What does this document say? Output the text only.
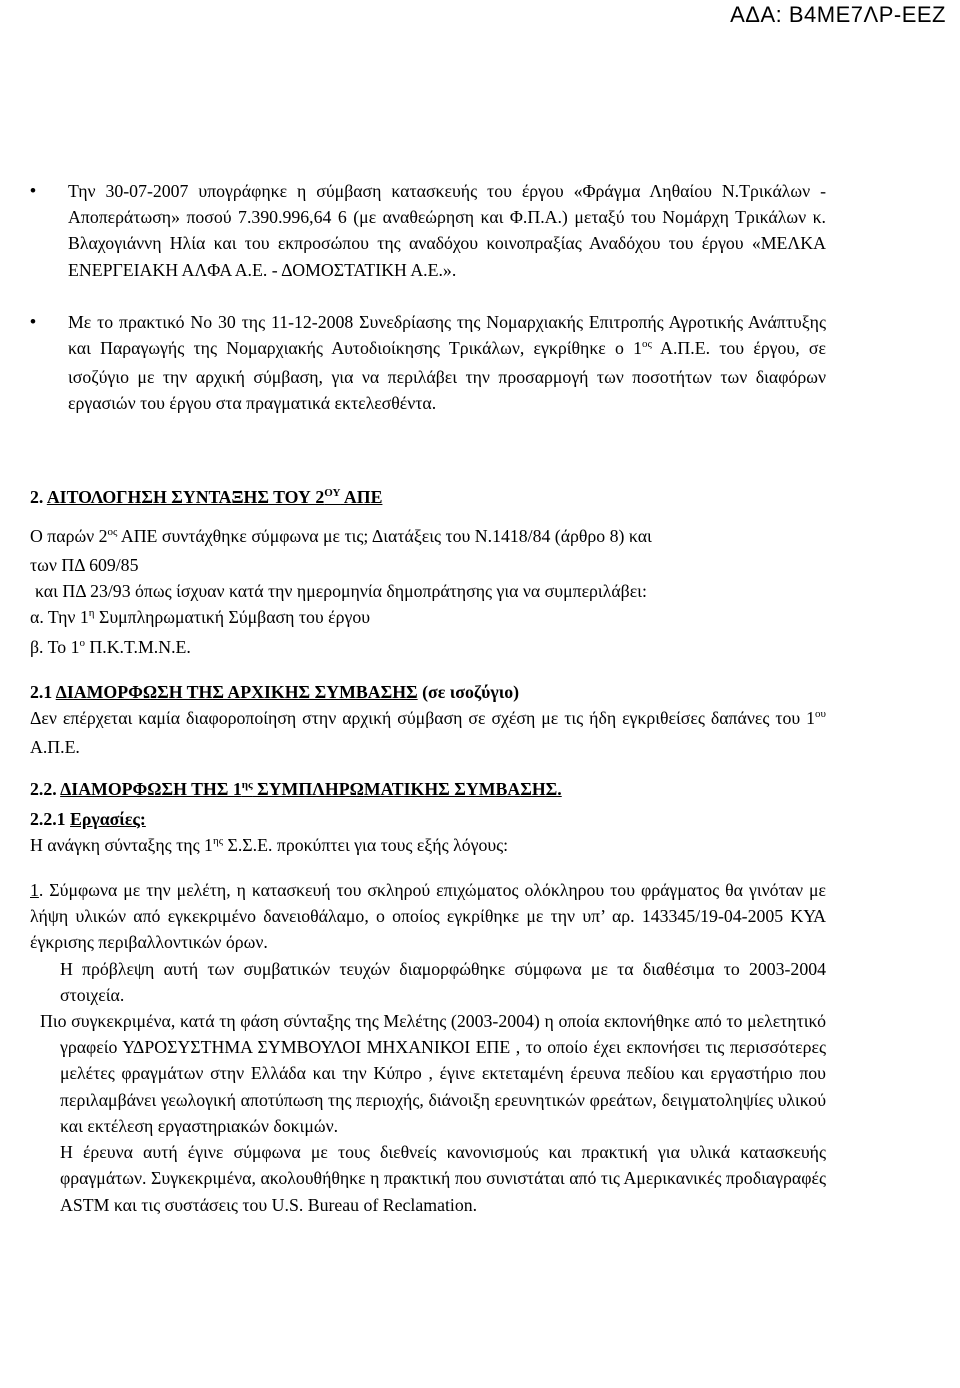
ΑΔΑ: Β4ΜΕ7ΛΡ-ΕΕΖ

• Την 30-07-2007 υπογράφηκε η σύμβαση κατασκευής του έργου «Φράγμα Ληθαίου Ν.Τρικάλων - Αποπεράτωση» ποσού 7.390.996,64 6 (με αναθεώρηση και Φ.Π.Α.) μεταξύ του Νομάρχη Τρικάλων κ. Βλαχογιάννη Ηλία και του εκπροσώπου της αναδόχου κοινοπραξίας Αναδόχου του έργου «ΜΕΛΚΑ ΕΝΕΡΓΕΙΑΚΗ ΑΛΦΑ Α.Ε. - ΔΟΜΟΣΤΑΤΙΚΗ Α.Ε.».

• Με το πρακτικό Νο 30 της 11-12-2008 Συνεδρίασης της Νομαρχιακής Επιτροπής Αγροτικής Ανάπτυξης και Παραγωγής της Νομαρχιακής Αυτοδιοίκησης Τρικάλων, εγκρίθηκε ο $1^{o\varsigma}$ Α.Π.Ε. του έργου, σε ισοζύγιο με την αρχική σύμβαση, για να περιλάβει την προσαρμογή των ποσοτήτων των διαφόρων εργασιών του έργου στα πραγματικά εκτελεσθέντα.

2. ΑΙΤΟΛΟΓΗΣΗ ΣΥΝΤΑΞΗΣ ΤΟΥ $2^{O\Upsilon}$ ΑΠΕ

Ο παρών $2^{o\varsigma}$ ΑΠΕ συντάχθηκε σύμφωνα με τις; Διατάξεις του Ν.1418/84 (άρθρο 8) και

των ΠΔ 609/85

και ΠΔ 23/93 όπως ίσχυαν κατά την ημερομηνία δημοπράτησης για να συμπεριλάβει:

α. Την $1^\eta$ Συμπληρωματική Σύμβαση του έργου

β. Το $1^o$ Π.Κ.Τ.Μ.Ν.Ε.

2.1 ΔΙΑΜΟΡΦΩΣΗ ΤΗΣ ΑΡΧΙΚΗΣ ΣΥΜΒΑΣΗΣ (σε ισοζύγιο)

Δεν επέρχεται καμία διαφοροποίηση στην αρχική σύμβαση σε σχέση με τις ήδη εγκριθείσες δαπάνες του $1^{o\upsilon}$ Α.Π.Ε.

2.2. ΔΙΑΜΟΡΦΩΣΗ ΤΗΣ $1^{\eta\varsigma}$ ΣΥΜΠΛΗΡΩΜΑΤΙΚΗΣ ΣΥΜΒΑΣΗΣ.

2.2.1 Εργασίες:

Η ανάγκη σύνταξης της $1^{\eta\varsigma}$ Σ.Σ.Ε. προκύπτει για τους εξής λόγους:

1. Σύμφωνα με την μελέτη, η κατασκευή του σκληρού επιχώματος ολόκληρου του φράγματος θα γινόταν με λήψη υλικών από εγκεκριμένο δανειοθάλαμο, ο οποίος εγκρίθηκε με την υπ’ αρ. 143345/19-04-2005 ΚΥΑ έγκρισης περιβαλλοντικών όρων.

Η πρόβλεψη αυτή των συμβατικών τευχών διαμορφώθηκε σύμφωνα με τα διαθέσιμα το 2003-2004 στοιχεία.

Πιο συγκεκριμένα, κατά τη φάση σύνταξης της Μελέτης (2003-2004) η οποία εκπονήθηκε από το μελετητικό γραφείο ΥΔΡΟΣΥΣΤΗΜΑ ΣΥΜΒΟΥΛΟΙ ΜΗΧΑΝΙΚΟΙ ΕΠΕ , το οποίο έχει εκπονήσει τις περισσότερες μελέτες φραγμάτων στην Ελλάδα και την Κύπρο , έγινε εκτεταμένη έρευνα πεδίου και εργαστήριο που περιλαμβάνει γεωλογική αποτύπωση της περιοχής, διάνοιξη ερευνητικών φρεάτων, δειγματοληψίες υλικού και εκτέλεση εργαστηριακών δοκιμών.

Η έρευνα αυτή έγινε σύμφωνα με τους διεθνείς κανονισμούς και πρακτική για υλικά κατασκευής φραγμάτων. Συγκεκριμένα, ακολουθήθηκε η πρακτική που συνιστάται από τις Αμερικανικές προδιαγραφές ASTM και τις συστάσεις του U.S. Bureau of Reclamation.
